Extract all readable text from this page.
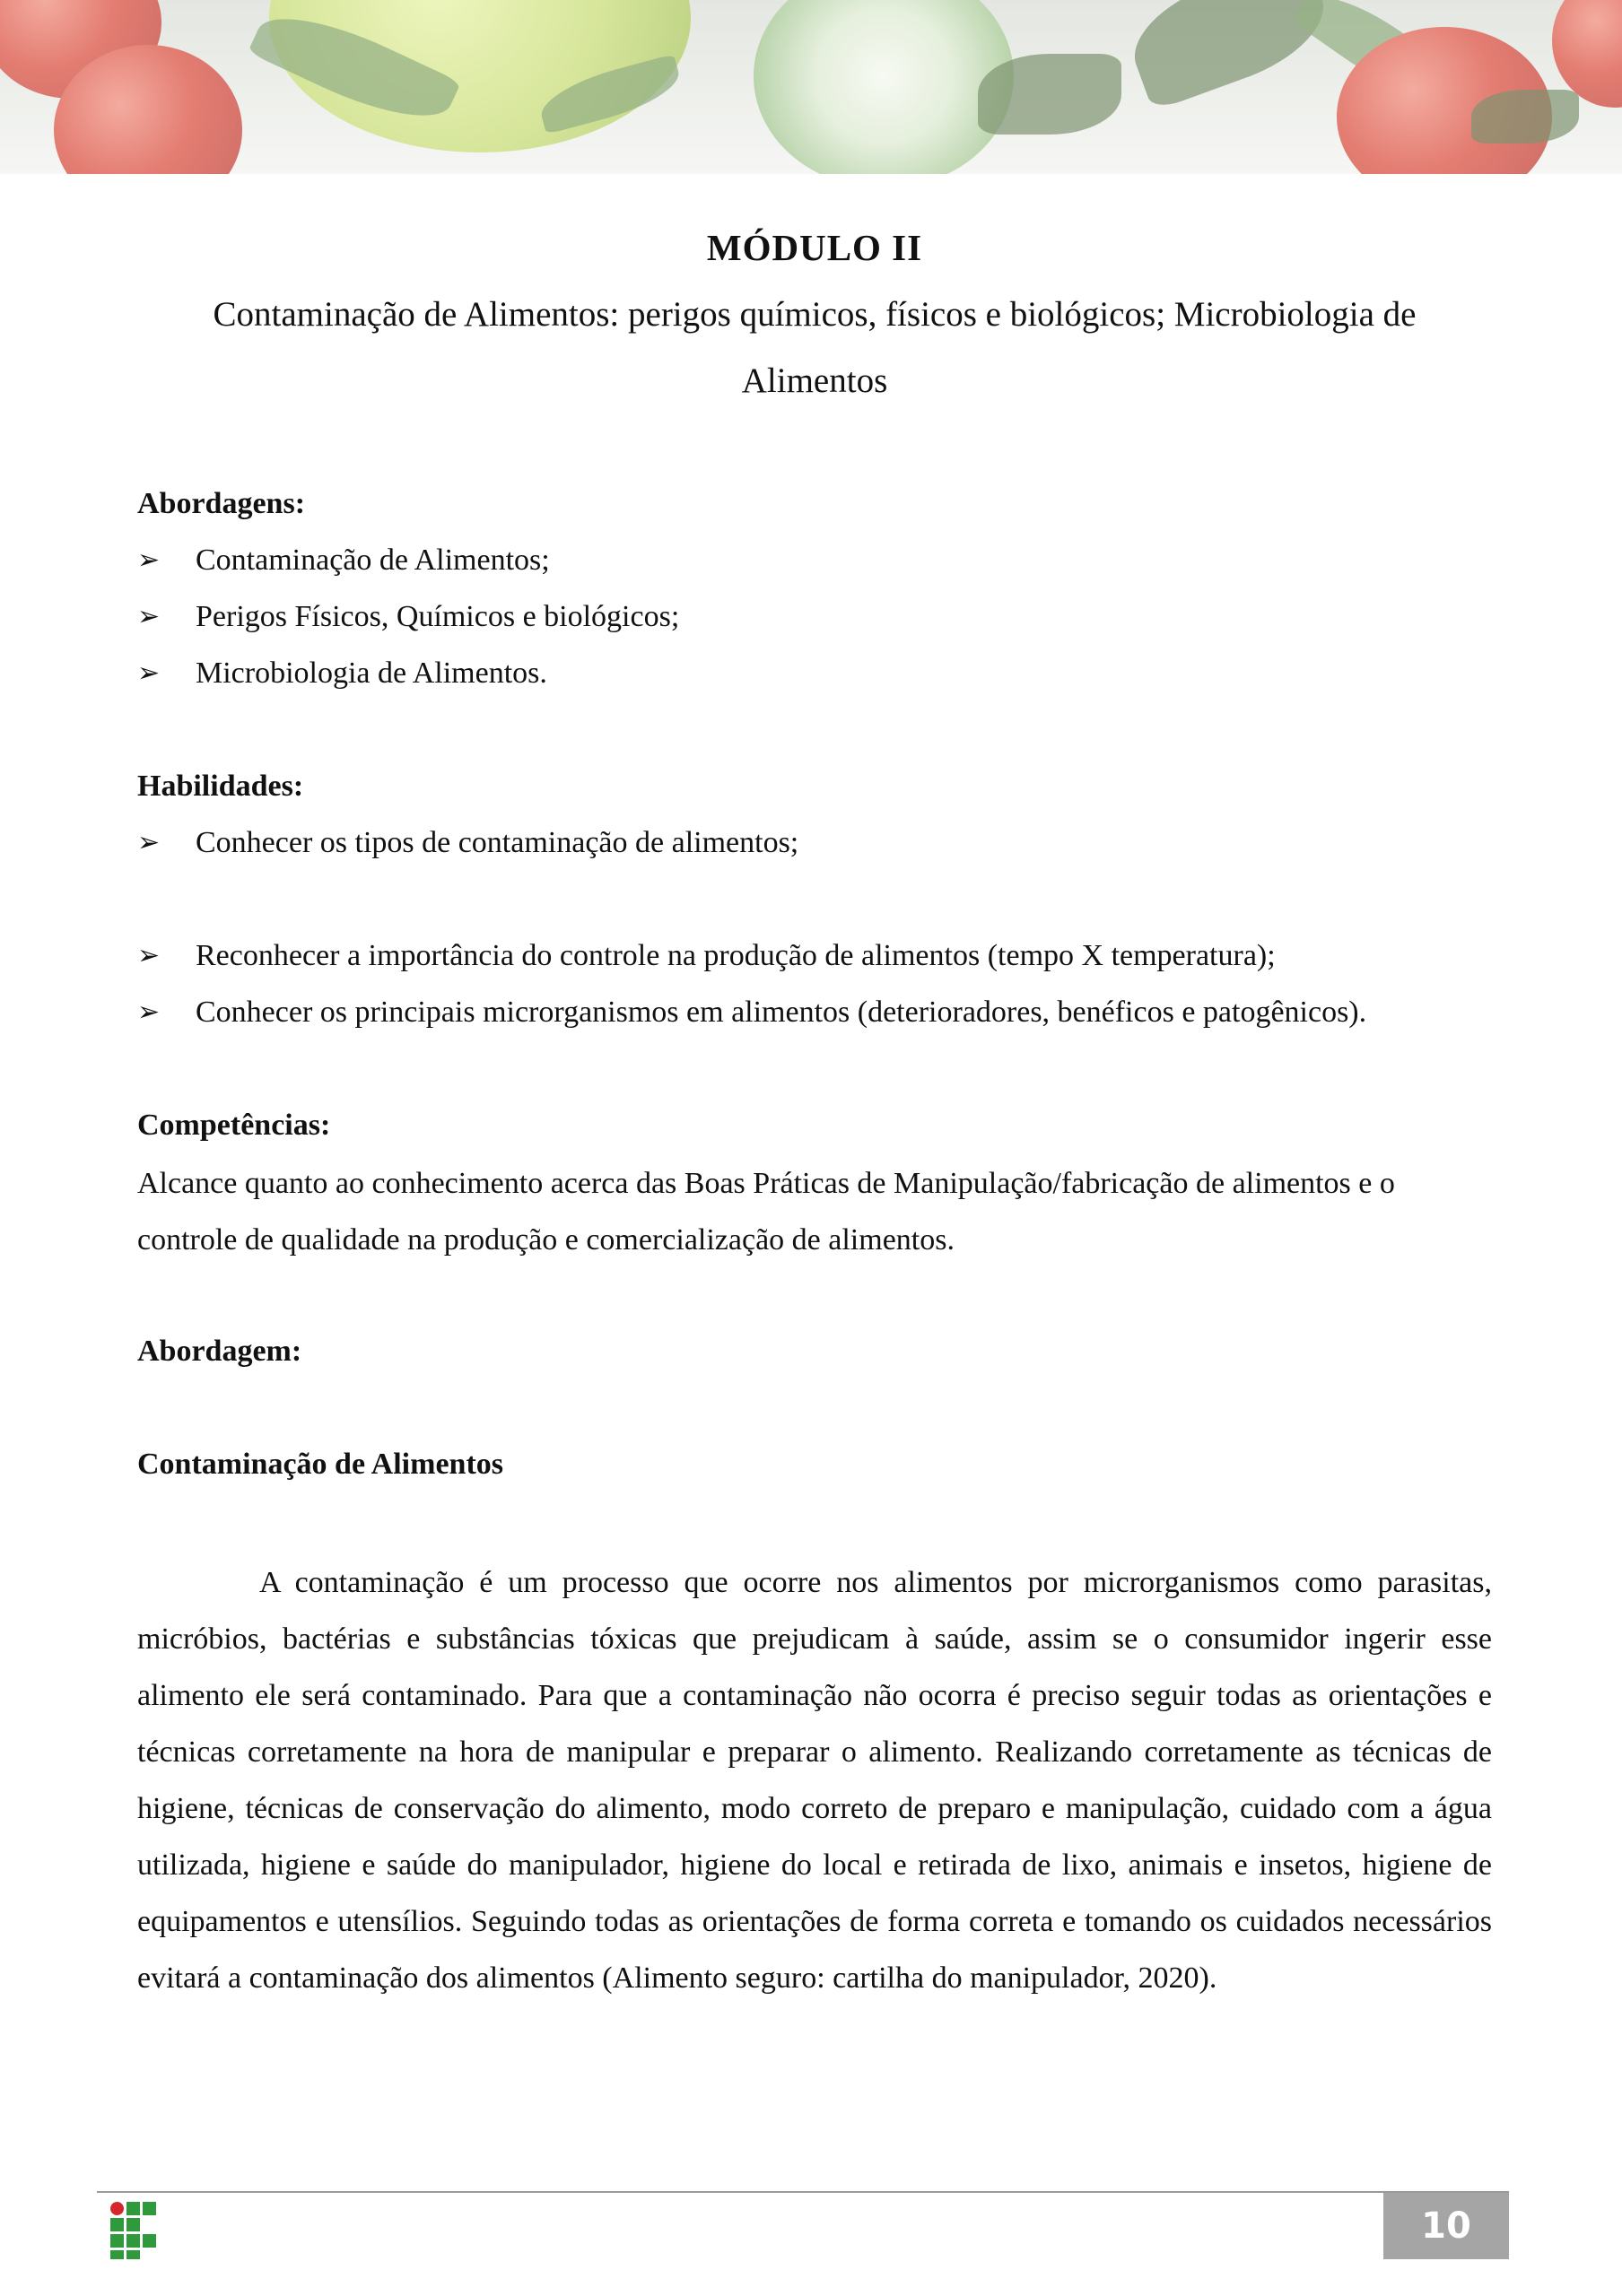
MÓDULO II
Contaminação de Alimentos: perigos químicos, físicos e biológicos; Microbiologia de
Alimentos
Abordagens:
➢ Contaminação de Alimentos;
➢ Perigos Físicos, Químicos e biológicos;
➢ Microbiologia de Alimentos.
Habilidades:
➢ Conhecer os tipos de contaminação de alimentos;
➢ Reconhecer a importância do controle na produção de alimentos (tempo X temperatura);
➢ Conhecer os principais microrganismos em alimentos (deterioradores, benéficos e patogênicos).
Competências:
Alcance quanto ao conhecimento acerca das Boas Práticas de Manipulação/fabricação de alimentos e o controle de qualidade na produção e comercialização de alimentos.
Abordagem:
Contaminação de Alimentos
A contaminação é um processo que ocorre nos alimentos por microrganismos como parasitas, micróbios, bactérias e substâncias tóxicas que prejudicam à saúde, assim se o consumidor ingerir esse alimento ele será contaminado. Para que a contaminação não ocorra é preciso seguir todas as orientações e técnicas corretamente na hora de manipular e preparar o alimento. Realizando corretamente as técnicas de higiene, técnicas de conservação do alimento, modo correto de preparo e manipulação, cuidado com a água utilizada, higiene e saúde do manipulador, higiene do local e retirada de lixo, animais e insetos, higiene de equipamentos e utensílios. Seguindo todas as orientações de forma correta e tomando os cuidados necessários evitará a contaminação dos alimentos (Alimento seguro: cartilha do manipulador, 2020).
10
